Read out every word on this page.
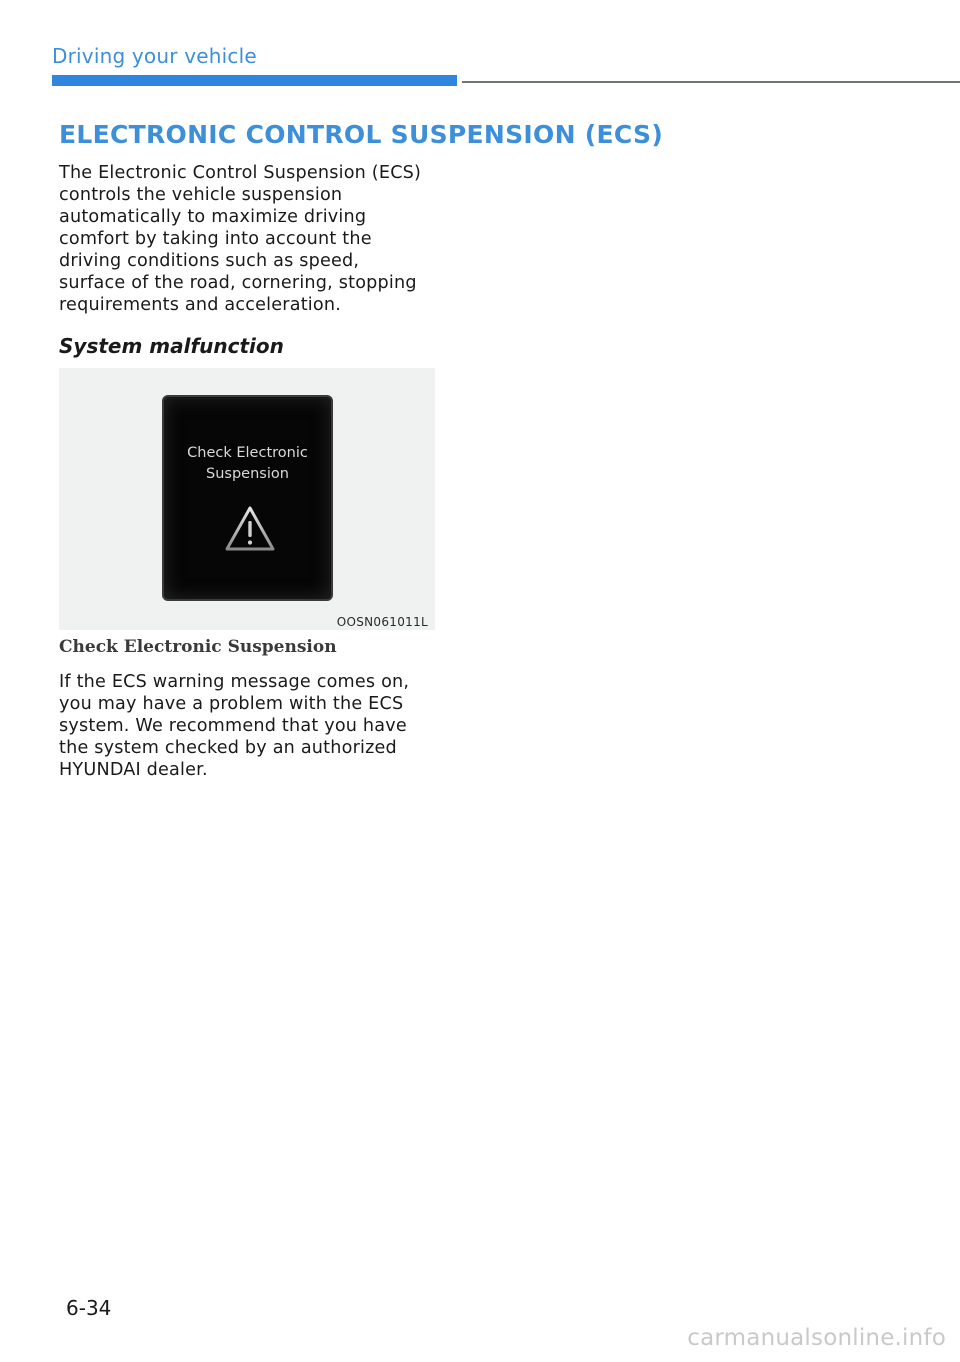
Driving your vehicle
ELECTRONIC CONTROL SUSPENSION (ECS)

The Electronic Control Suspension (ECS) controls the vehicle suspension automatically to maximize driving comfort by taking into account the driving conditions such as speed, surface of the road, cornering, stopping requirements and acceleration.

System malfunction
Check Electronic
Suspension
OOSN061011L
Check Electronic Suspension

If the ECS warning message comes on, you may have a problem with the ECS system. We recommend that you have the system checked by an authorized HYUNDAI dealer.

6-34
carmanualsonline.info
